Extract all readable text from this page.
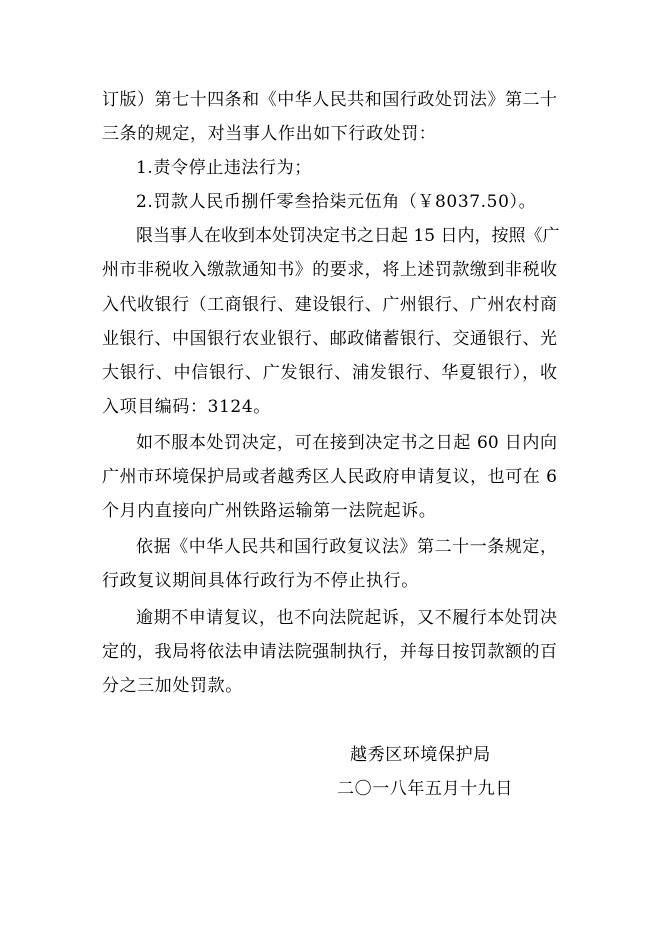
订版）第七十四条和《中华人民共和国行政处罚法》第二十
三条的规定，对当事人作出如下行政处罚：
1.责令停止违法行为；
2.罚款人民币捌仟零叁拾柒元伍角（￥8037.50）。
限当事人在收到本处罚决定书之日起 15 日内，按照《广
州市非税收入缴款通知书》的要求，将上述罚款缴到非税收
入代收银行（工商银行、建设银行、广州银行、广州农村商
业银行、中国银行农业银行、邮政储蓄银行、交通银行、光
大银行、中信银行、广发银行、浦发银行、华夏银行），收
入项目编码：3124。
如不服本处罚决定，可在接到决定书之日起 60 日内向
广州市环境保护局或者越秀区人民政府申请复议，也可在 6
个月内直接向广州铁路运输第一法院起诉。
依据《中华人民共和国行政复议法》第二十一条规定，
行政复议期间具体行政行为不停止执行。
逾期不申请复议，也不向法院起诉，又不履行本处罚决
定的，我局将依法申请法院强制执行，并每日按罚款额的百
分之三加处罚款。
越秀区环境保护局
二〇一八年五月十九日
